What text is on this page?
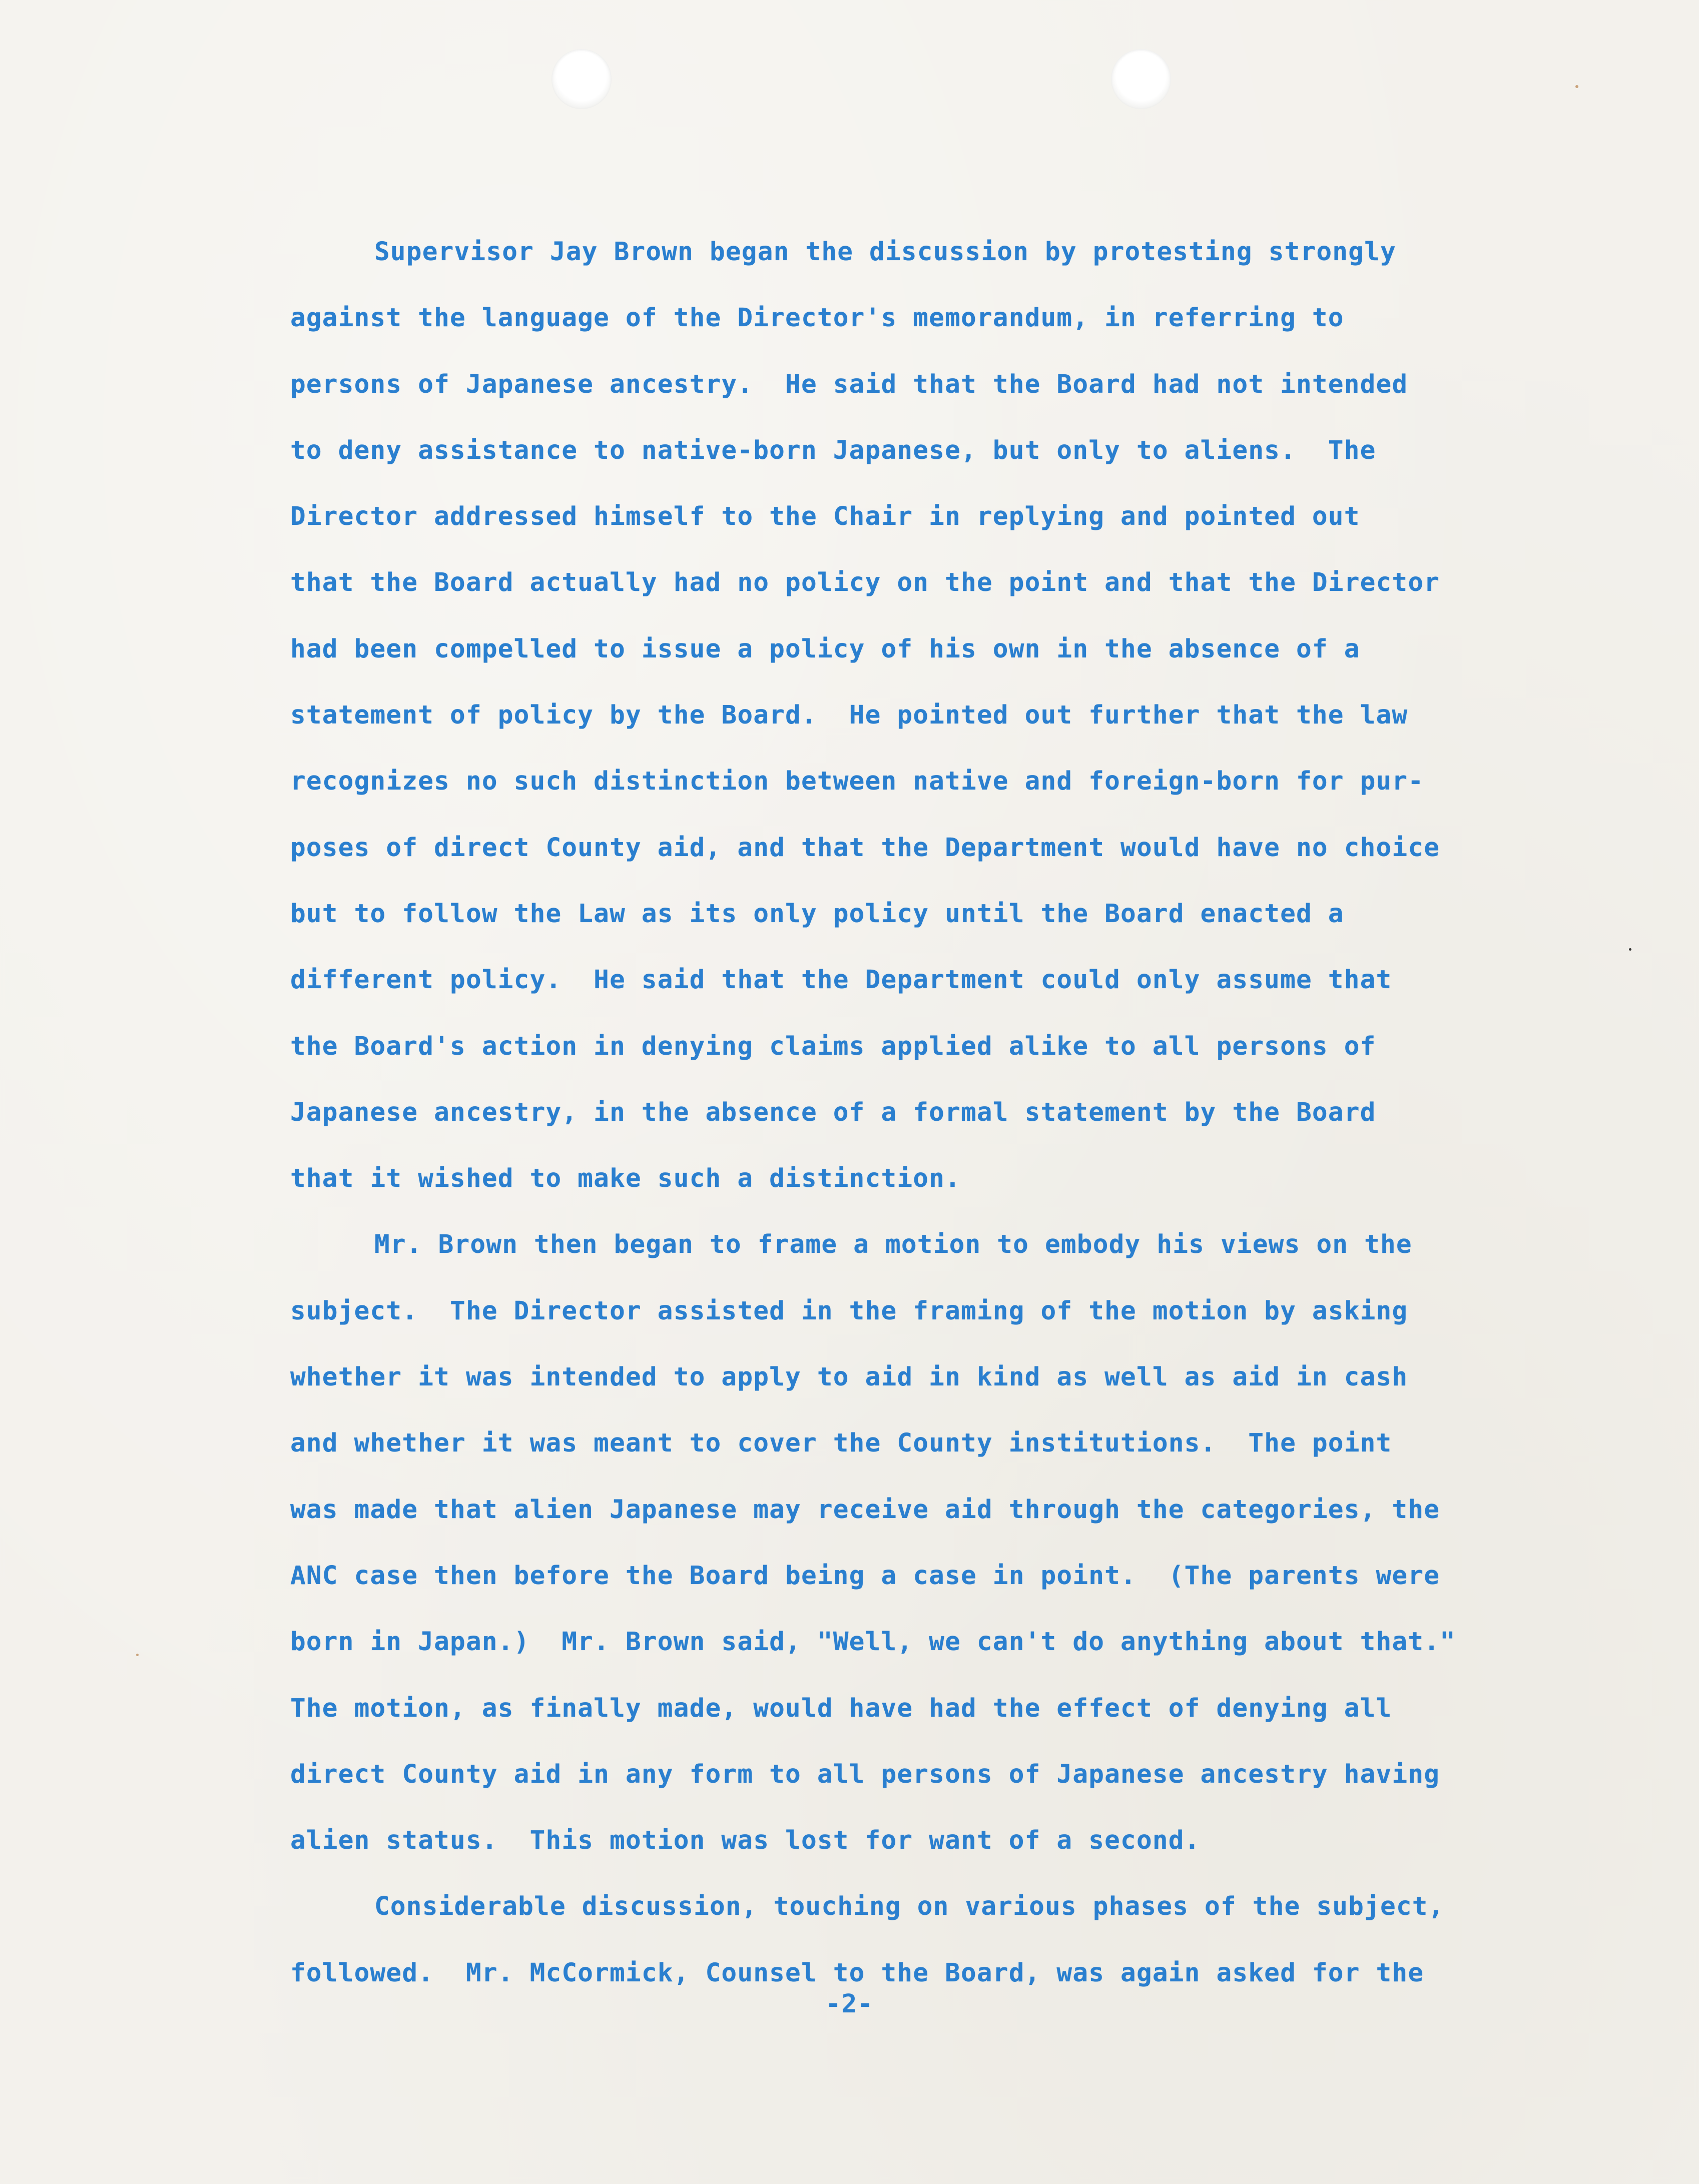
Supervisor Jay Brown began the discussion by protesting strongly
against the language of the Director's memorandum, in referring to
persons of Japanese ancestry.  He said that the Board had not intended
to deny assistance to native-born Japanese, but only to aliens.  The
Director addressed himself to the Chair in replying and pointed out
that the Board actually had no policy on the point and that the Director
had been compelled to issue a policy of his own in the absence of a
statement of policy by the Board.  He pointed out further that the law
recognizes no such distinction between native and foreign-born for pur-
poses of direct County aid, and that the Department would have no choice
but to follow the Law as its only policy until the Board enacted a
different policy.  He said that the Department could only assume that
the Board's action in denying claims applied alike to all persons of
Japanese ancestry, in the absence of a formal statement by the Board
that it wished to make such a distinction.
Mr. Brown then began to frame a motion to embody his views on the
subject.  The Director assisted in the framing of the motion by asking
whether it was intended to apply to aid in kind as well as aid in cash
and whether it was meant to cover the County institutions.  The point
was made that alien Japanese may receive aid through the categories, the
ANC case then before the Board being a case in point.  (The parents were
born in Japan.)  Mr. Brown said, "Well, we can't do anything about that."
The motion, as finally made, would have had the effect of denying all
direct County aid in any form to all persons of Japanese ancestry having
alien status.  This motion was lost for want of a second.
Considerable discussion, touching on various phases of the subject,
followed.  Mr. McCormick, Counsel to the Board, was again asked for the
-2-
